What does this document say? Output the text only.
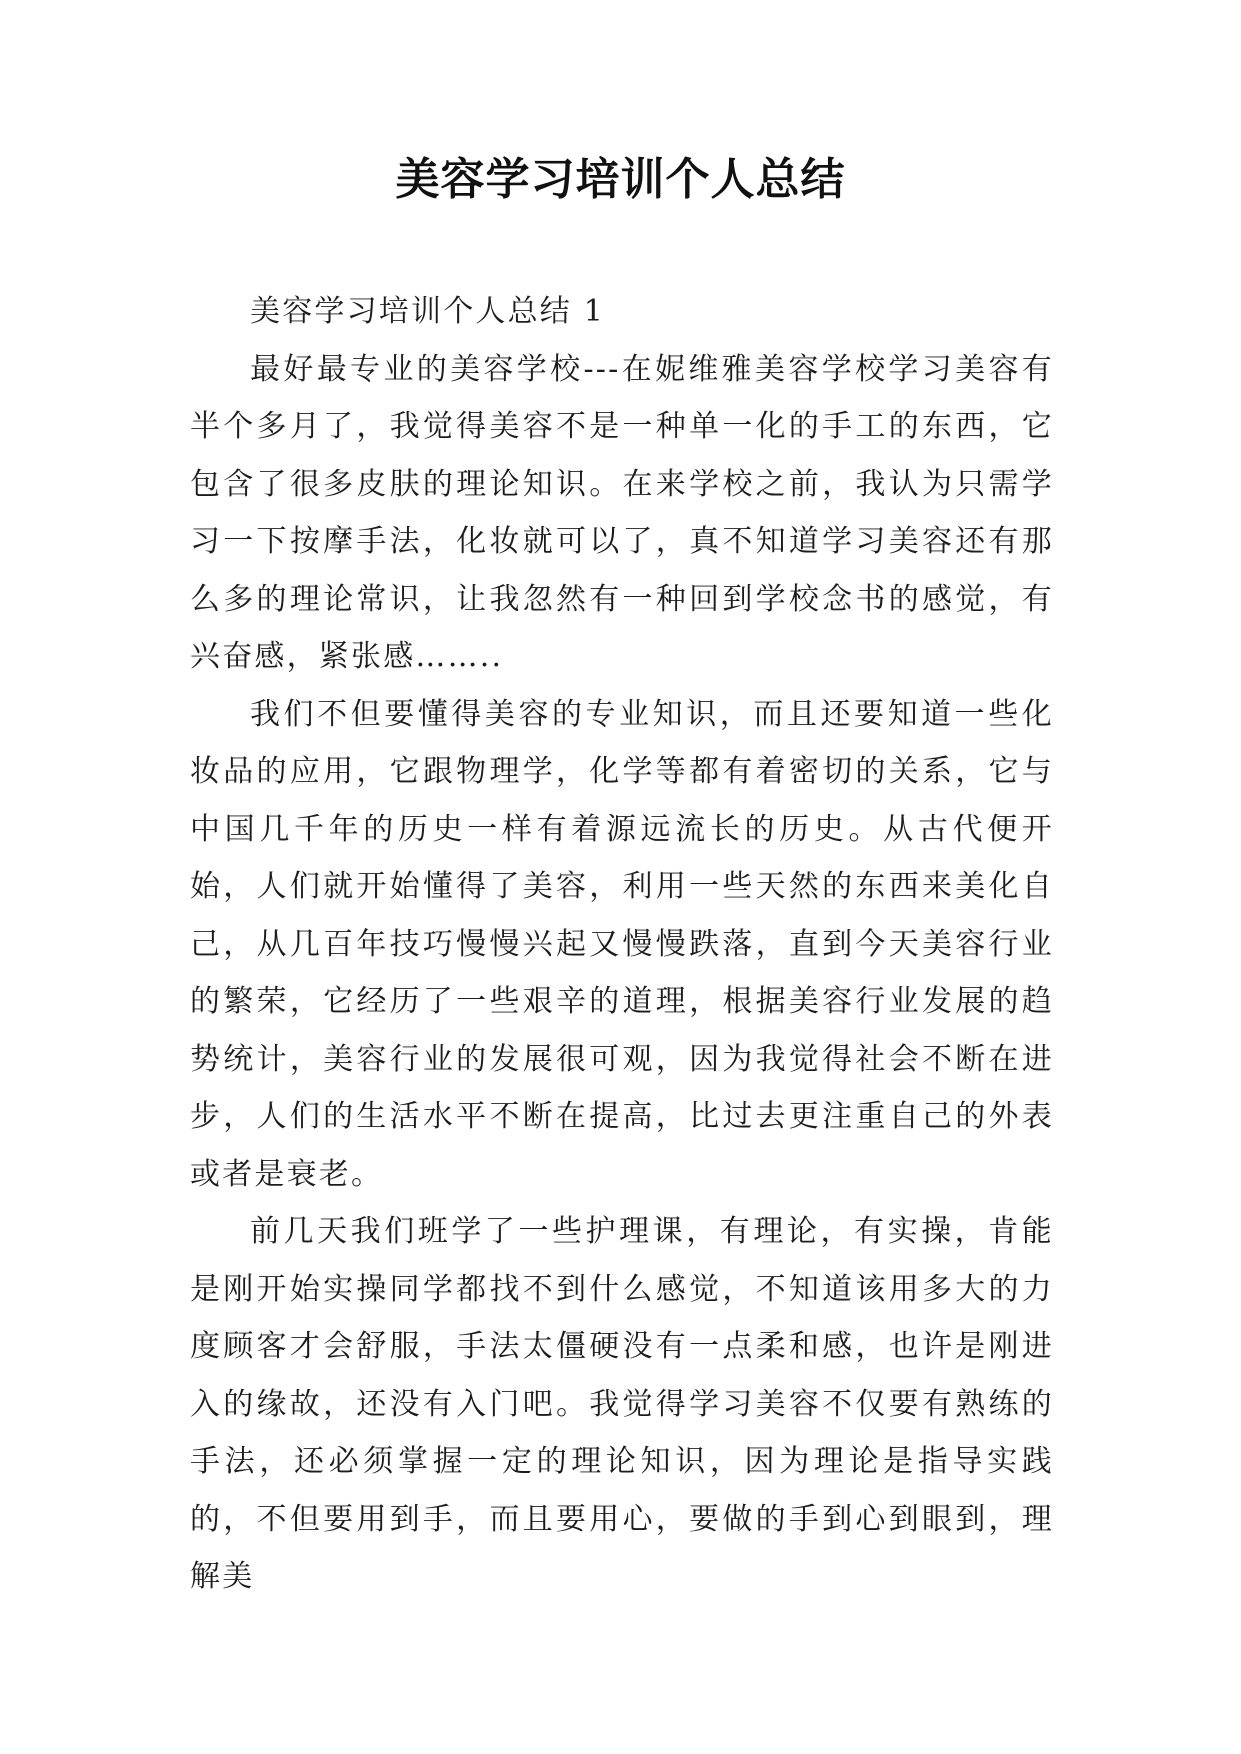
美容学习培训个人总结

美容学习培训个人总结 1

最好最专业的美容学校---在妮维雅美容学校学习美容有半个多月了，我觉得美容不是一种单一化的手工的东西，它包含了很多皮肤的理论知识。在来学校之前，我认为只需学习一下按摩手法，化妆就可以了，真不知道学习美容还有那么多的理论常识，让我忽然有一种回到学校念书的感觉，有兴奋感，紧张感……..

我们不但要懂得美容的专业知识，而且还要知道一些化妆品的应用，它跟物理学，化学等都有着密切的关系，它与中国几千年的历史一样有着源远流长的历史。从古代便开始，人们就开始懂得了美容，利用一些天然的东西来美化自己，从几百年技巧慢慢兴起又慢慢跌落，直到今天美容行业的繁荣，它经历了一些艰辛的道理，根据美容行业发展的趋势统计，美容行业的发展很可观，因为我觉得社会不断在进步，人们的生活水平不断在提高，比过去更注重自己的外表或者是衰老。

前几天我们班学了一些护理课，有理论，有实操，肯能是刚开始实操同学都找不到什么感觉，不知道该用多大的力度顾客才会舒服，手法太僵硬没有一点柔和感，也许是刚进入的缘故，还没有入门吧。我觉得学习美容不仅要有熟练的手法，还必须掌握一定的理论知识，因为理论是指导实践的，不但要用到手，而且要用心，要做的手到心到眼到，理解美
